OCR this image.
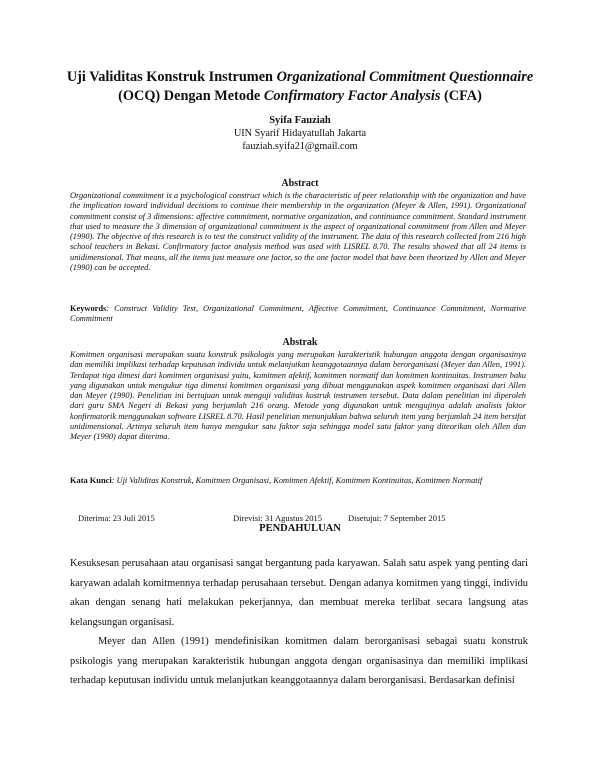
Uji Validitas Konstruk Instrumen Organizational Commitment Questionnaire
(OCQ) Dengan Metode Confirmatory Factor Analysis (CFA)
Syifa Fauziah
UIN Syarif Hidayatullah Jakarta
fauziah.syifa21@gmail.com
Abstract

Organizational commitment is a psychological construct which is the characteristic of peer relationship with the organization and have the implication toward individual decisions to continue their membership in the organization (Meyer & Allen, 1991). Organizational commitment consist of 3 dimensions: affective commitment, normative organization, and continuance commitment. Standard instrument that used to measure the 3 dimension of organizational commitment is the aspect of organizational commitment from Allen and Meyer (1990). The objective of this research is to test the construct validity of the instrument. The data of this research collected from 216 high school teachers in Bekasi. Confirmatory factor analysis method was used with LISREL 8.70. The results showed that all 24 items is unidimensional. That means, all the items just measure one factor, so the one factor model that have been theorized by Allen and Meyer (1990) can be accepted.

Keywords: Construct Validity Test, Organizational Commitment, Affective Commitment, Continuance Commitment, Normative Commitment

Abstrak

Komitmen organisasi merupakan suatu konstruk psikologis yang merupakan karakteristik hubungan anggota dengan organisasinya dan memiliki implikasi terhadap keputusan individu untuk melanjutkan keanggotaannya dalam berorganisasi (Meyer dan Allen, 1991). Terdapat tiga dimesi dari komitmen organisasi yaitu, komitmen afektif, komitmen normatif dan komitmen kontinuitas. Instrumen baku yang digunakan untuk mengukur tiga dimensi komitmen organisasi yang dibuat menggunakan aspek komitmen organisasi dari Allen dan Meyer (1990). Penelitian ini bertujuan untuk menguji validitas kostruk instrumen tersebut. Data dalam penelitian ini diperoleh dari guru SMA Negeri di Bekasi yang berjumlah 216 orang. Metode yang digunakan untuk mengujinya adalah analisis faktor konfirmatorik menggunakan software LISREL 8.70. Hasil penelitian menunjukkan bahwa seluruh item yang berjumlah 24 item bersifat unidimensional. Artinya seluruh item hanya mengukur satu faktor saja sehingga model satu faktor yang diteorikan oleh Allen dan Meyer (1990) dapat diterima.

Kata Kunci: Uji Validitas Konstruk, Komitmen Organisasi, Komitmen Afektif, Komitmen Kontinuitas, Komitmen Normatif

Diterima: 23 Juli 2015	Direvisi: 31 Agustus 2015	Disetujui: 7 September 2015
PENDAHULUAN

Kesuksesan perusahaan atau organisasi sangat bergantung pada karyawan. Salah satu aspek yang penting dari karyawan adalah komitmennya terhadap perusahaan tersebut. Dengan adanya komitmen yang tinggi, individu akan dengan senang hati melakukan pekerjannya, dan membuat mereka terlibat secara langsung atas kelangsungan organisasi.

Meyer dan Allen (1991) mendefinisikan komitmen dalam berorganisasi sebagai suatu konstruk psikologis yang merupakan karakteristik hubungan anggota dengan organisasinya dan memiliki implikasi terhadap keputusan individu untuk melanjutkan keanggotaannya dalam berorganisasi. Berdasarkan definisi
